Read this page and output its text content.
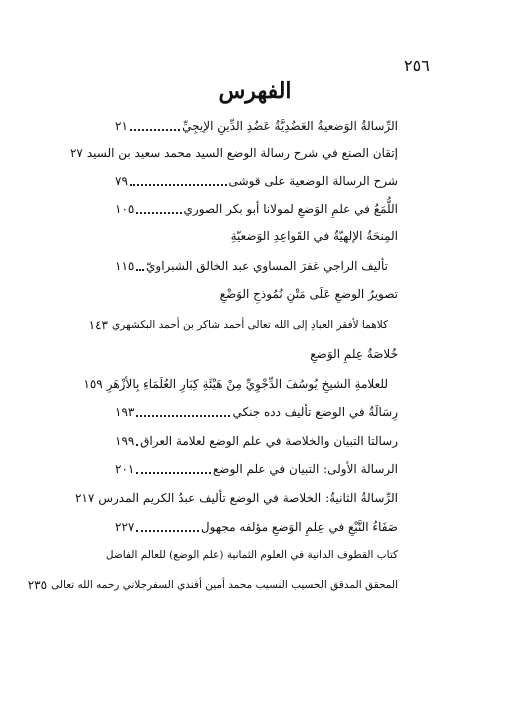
٢٥٦
الفهرس
الرِّسالةُ الوَضعيةُ العَضُدِيَّةُ عَضُدِ الدِّينِ الإيجِيِّ
٢١
إتقان الصنع في شرح رسالة الوضع السيد محمد سعيد بن السيد
٢٧
شرح الرسالة الوضعية على قوشى
٧٩
اللُّمَعُ في علمِ الوَضعِ لمولانا أبو بكر الصوري
١٠٥
المِنحَةُ الإلهيّةُ في القَواعِدِ الوَضعيّةِ
تأليف الراجي غفرَ المساوي عبد الخالق الشبراويّ
١١٥
تصويرُ الوضعِ عَلَى مَتْنِ نُمُوذجِ الوَضْعِ
كلاهما لأفقر العبادِ إلى الله تعالى أحمد شاكر بن أحمد البكشهري
١٤٣
خُلاصَةُ عِلمِ الوَضعِ
للعلامةِ الشيخِ يُوسُفَ الدِّجْوِيِّ مِنْ هَيْئَةِ كِبَارِ العُلَمَاءِ بِالأزْهَرِ
١٥٩
رِسَالَةٌ في الوضع تأليف دده جنكي
١٩٣
رسالتا التبيان والخلاصة في علم الوضع لعلامة العراق
١٩٩
الرسالة الأولى: التبيان في علم الوضع
٢٠١
الرِّسالةُ الثانيةُ: الخلاصة في الوضع تأليف عبدُ الكريم المدرس
٢١٧
صَفَاءُ النَّبْعِ في عِلمِ الوَضعِ مؤلفه مجهول
٢٢٧
كتاب القطوف الدانية في العلوم الثمانية (علم الوضع) للعالم الفاضل
المحقق المدقق الحسيب النسيب محمد أمين أفندي السفرجلاني رحمه الله تعالى
٢٣٥
